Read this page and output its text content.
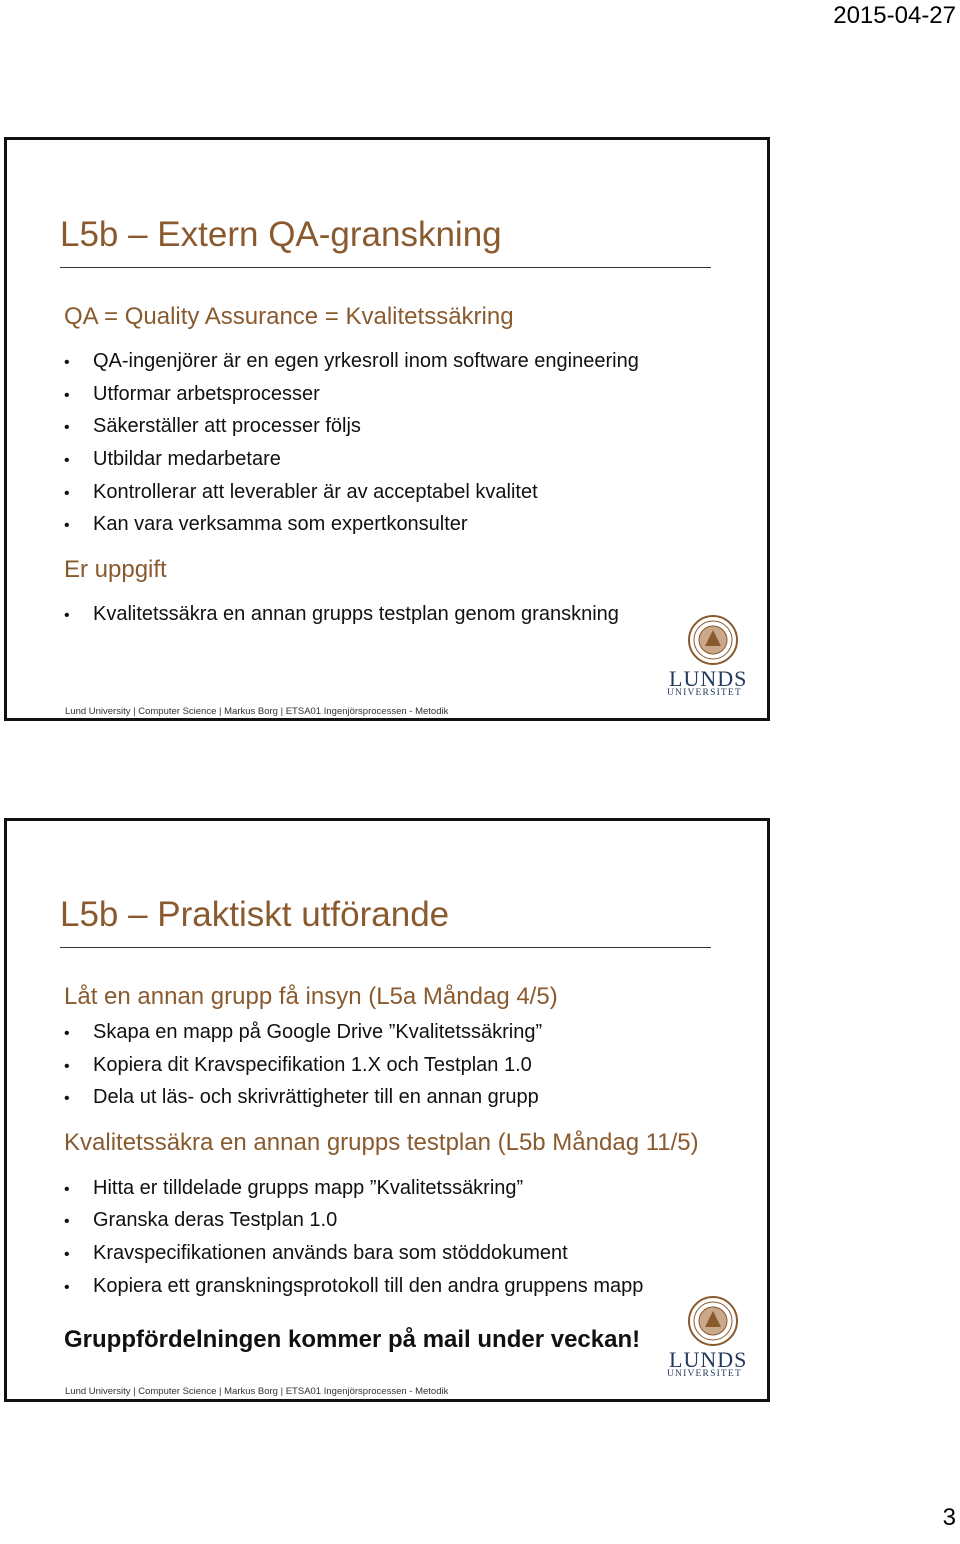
2015-04-27
L5b – Extern QA-granskning
QA = Quality Assurance = Kvalitetssäkring
• QA-ingenjörer är en egen yrkesroll inom software engineering
• Utformar arbetsprocesser
• Säkerställer att processer följs
• Utbildar medarbetare
• Kontrollerar att leverabler är av acceptabel kvalitet
• Kan vara verksamma som expertkonsulter
Er uppgift
• Kvalitetssäkra en annan grupps testplan genom granskning
LUNDS
UNIVERSITET
Lund University | Computer Science | Markus Borg | ETSA01 Ingenjörsprocessen - Metodik
L5b – Praktiskt utförande
Låt en annan grupp få insyn (L5a Måndag 4/5)
• Skapa en mapp på Google Drive ”Kvalitetssäkring”
• Kopiera dit Kravspecifikation 1.X och Testplan 1.0
• Dela ut läs- och skrivrättigheter till en annan grupp
Kvalitetssäkra en annan grupps testplan (L5b Måndag 11/5)
• Hitta er tilldelade grupps mapp ”Kvalitetssäkring”
• Granska deras Testplan 1.0
• Kravspecifikationen används bara som stöddokument
• Kopiera ett granskningsprotokoll till den andra gruppens mapp
LUNDS
UNIVERSITET
Gruppfördelningen kommer på mail under veckan!
Lund University | Computer Science | Markus Borg | ETSA01 Ingenjörsprocessen - Metodik
3
